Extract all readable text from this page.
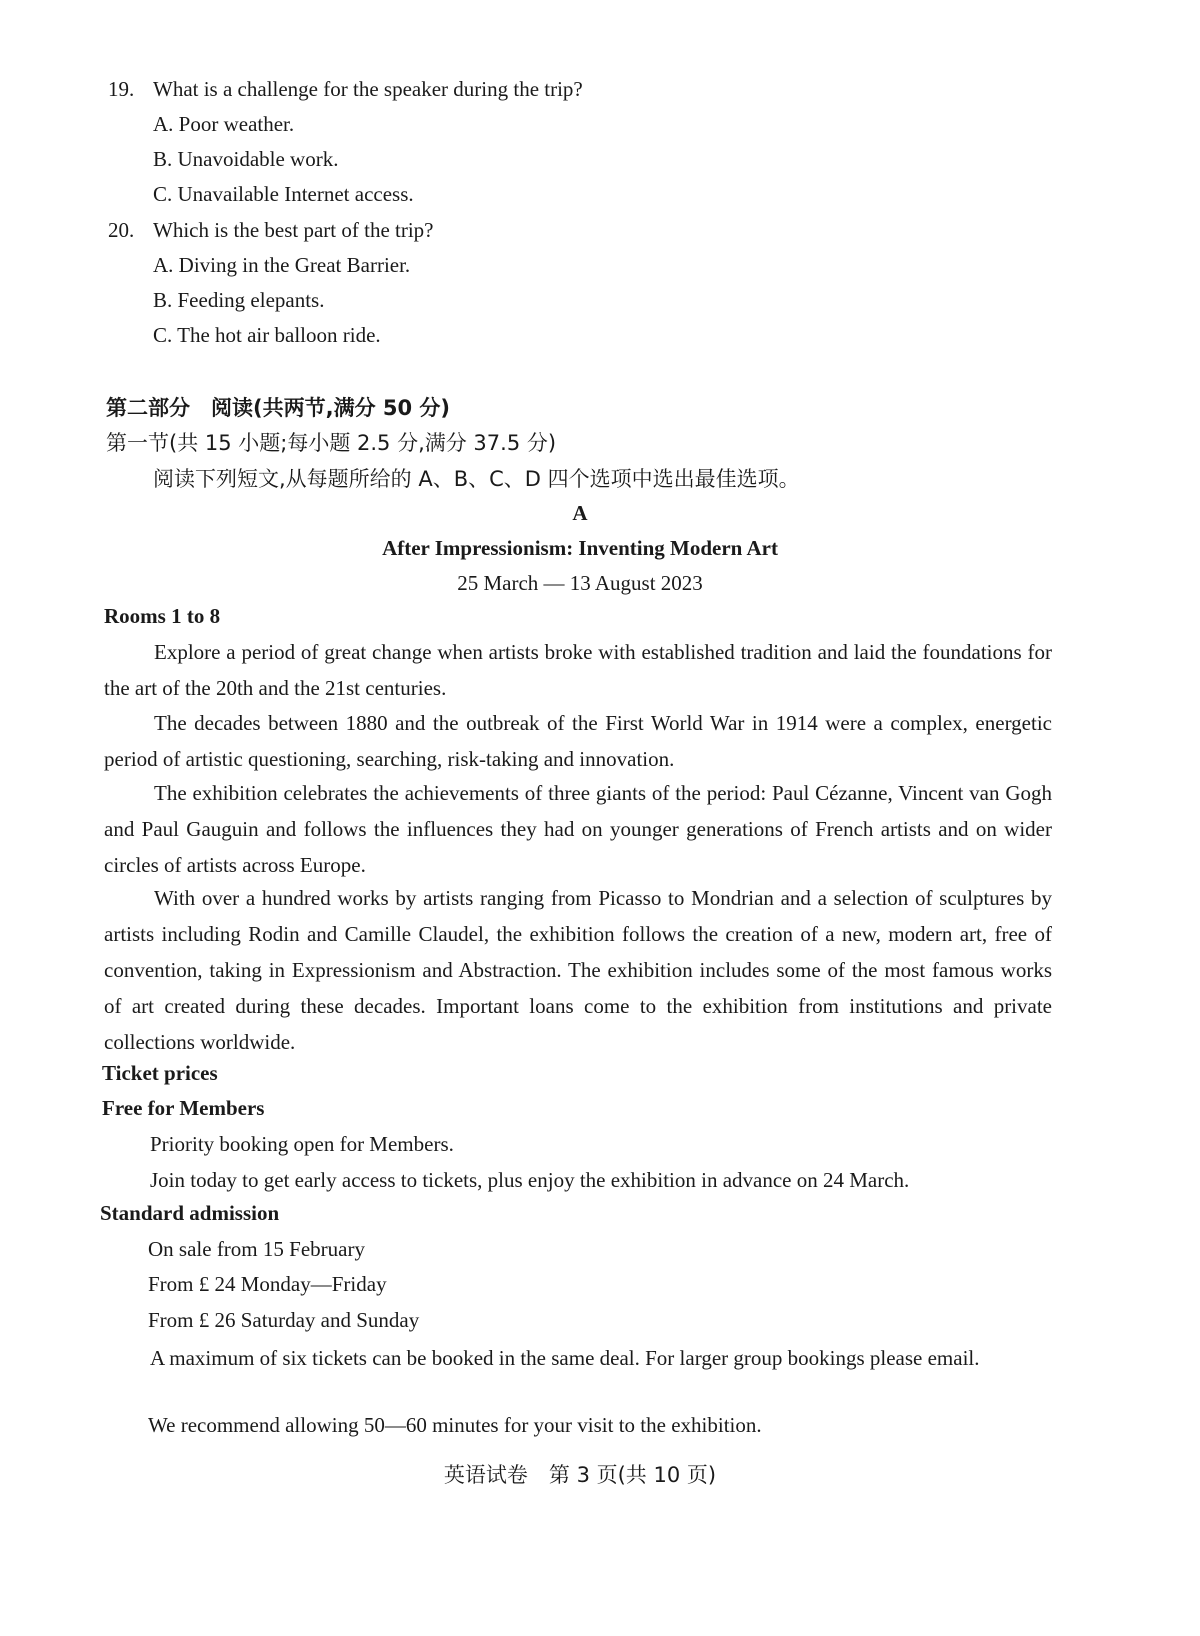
19. What is a challenge for the speaker during the trip?
A. Poor weather.
B. Unavoidable work.
C. Unavailable Internet access.
20. Which is the best part of the trip?
A. Diving in the Great Barrier.
B. Feeding elepants.
C. The hot air balloon ride.
第二部分　阅读(共两节,满分 50 分)
第一节(共 15 小题;每小题 2.5 分,满分 37.5 分)
阅读下列短文,从每题所给的 A、B、C、D 四个选项中选出最佳选项。
A
After Impressionism: Inventing Modern Art
25 March — 13 August 2023
Rooms 1 to 8

Explore a period of great change when artists broke with established tradition and laid the foundations for the art of the 20th and the 21st centuries.

The decades between 1880 and the outbreak of the First World War in 1914 were a complex, energetic period of artistic questioning, searching, risk-taking and innovation.

The exhibition celebrates the achievements of three giants of the period: Paul Cézanne, Vincent van Gogh and Paul Gauguin and follows the influences they had on younger generations of French artists and on wider circles of artists across Europe.

With over a hundred works by artists ranging from Picasso to Mondrian and a selection of sculptures by artists including Rodin and Camille Claudel, the exhibition follows the creation of a new, modern art, free of convention, taking in Expressionism and Abstraction. The exhibition includes some of the most famous works of art created during these decades. Important loans come to the exhibition from institutions and private collections worldwide.

Ticket prices
Free for Members
Priority booking open for Members.
Join today to get early access to tickets, plus enjoy the exhibition in advance on 24 March.
Standard admission
On sale from 15 February
From £ 24 Monday—Friday
From £ 26 Saturday and Sunday

A maximum of six tickets can be booked in the same deal. For larger group bookings please email.

We recommend allowing 50—60 minutes for your visit to the exhibition.
英语试卷　第 3 页(共 10 页)
